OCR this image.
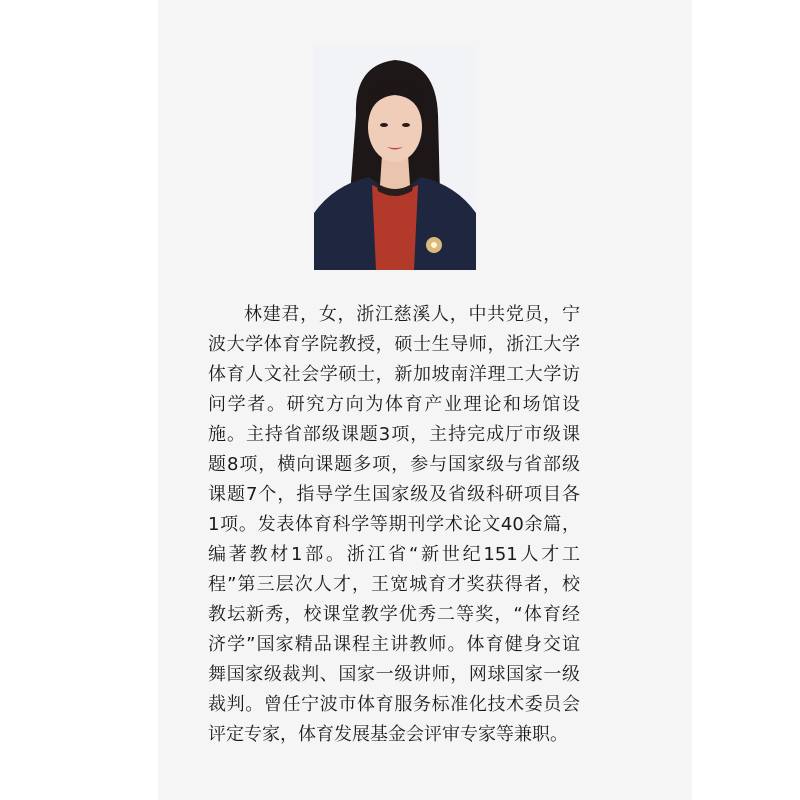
林建君，女，浙江慈溪人，中共党员，宁
波大学体育学院教授，硕士生导师，浙江大学
体育人文社会学硕士，新加坡南洋理工大学访
问学者。研究方向为体育产业理论和场馆设
施。主持省部级课题3项，主持完成厅市级课
题8项，横向课题多项，参与国家级与省部级
课题7个，指导学生国家级及省级科研项目各
1项。发表体育科学等期刊学术论文40余篇，
编著教材1部。浙江省“新世纪151人才工
程”第三层次人才，王宽城育才奖获得者，校
教坛新秀，校课堂教学优秀二等奖，“体育经
济学”国家精品课程主讲教师。体育健身交谊
舞国家级裁判、国家一级讲师，网球国家一级
裁判。曾任宁波市体育服务标准化技术委员会
评定专家，体育发展基金会评审专家等兼职。
